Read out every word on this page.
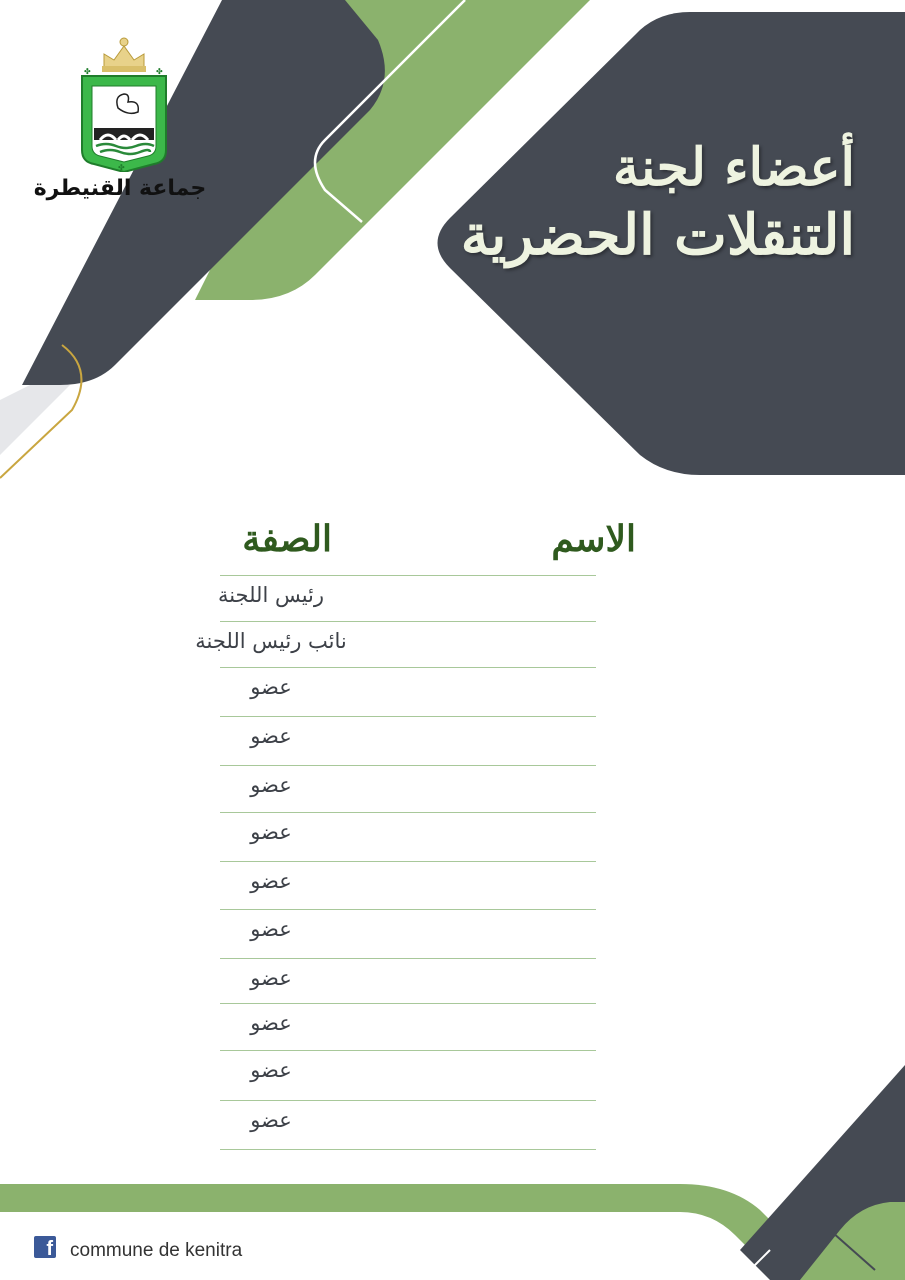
✤	✤
✤
جماعة القنيطرة	أعضاء لجنة
التنقلات الحضرية
الاسم
الصفة
رئيس اللجنة
نائب رئيس اللجنة
عضو
عضو
عضو
عضو
عضو
عضو
عضو
عضو
عضو
عضو
f commune de kenitra
